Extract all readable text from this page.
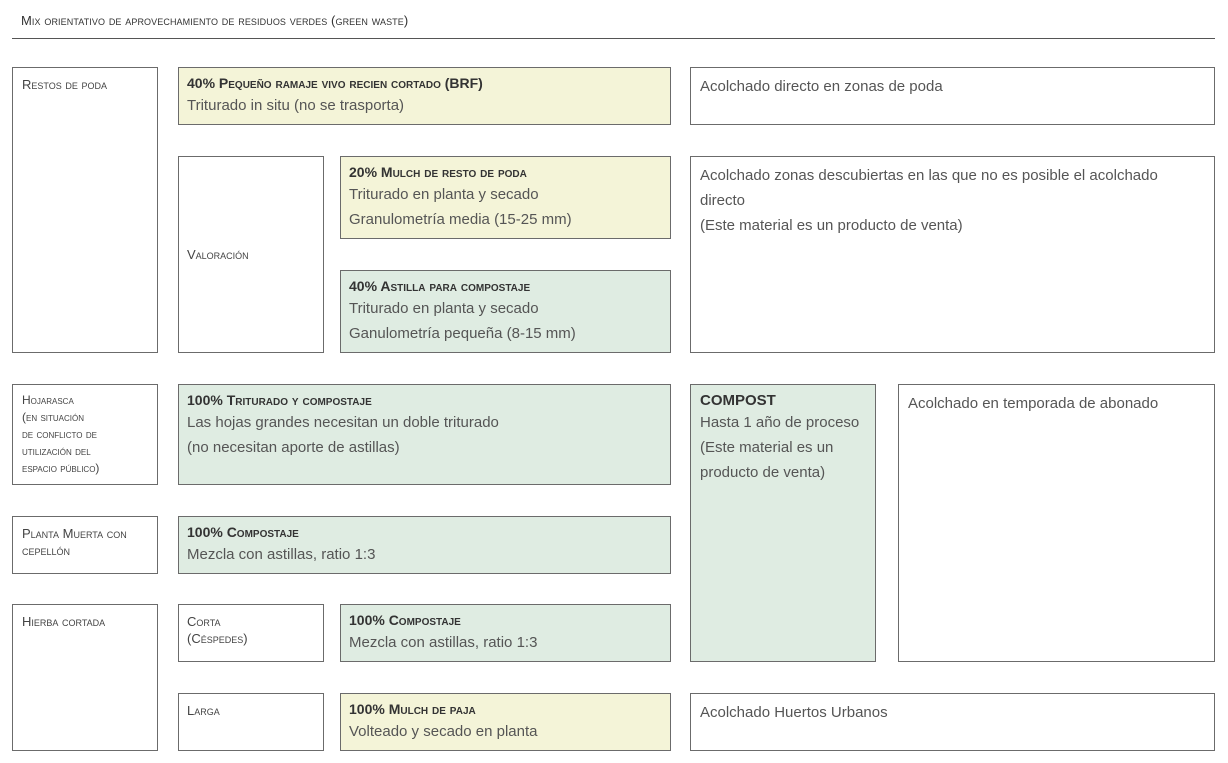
Mix orientativo de aprovechamiento de residuos verdes (green waste)
Restos de poda
Hojarasca
(en situación
de conflicto de
utilización del
espacio público)
Planta Muerta con
cepellón
Hierba cortada
Valoración
Corta
(Céspedes)
Larga
40% Pequeño ramaje vivo recien cortado (BRF)
Triturado in situ (no se trasporta)
20% Mulch de resto de poda
Triturado en planta y secado
Granulometría media (15-25 mm)
40% Astilla para compostaje
Triturado en planta y secado
Ganulometría pequeña (8-15 mm)
100% Triturado y compostaje
Las hojas grandes necesitan un doble triturado
(no necesitan aporte de astillas)
100% Compostaje
Mezcla con astillas, ratio 1:3
100% Compostaje
Mezcla con astillas, ratio 1:3
100% Mulch de paja
Volteado y secado en planta
Acolchado directo en zonas de poda
Acolchado zonas descubiertas en las que no es posible el acolchado directo
(Este material es un producto de venta)
COMPOST
Hasta 1 año de proceso
(Este material es un producto de venta)
Acolchado en temporada de abonado
Acolchado Huertos Urbanos
